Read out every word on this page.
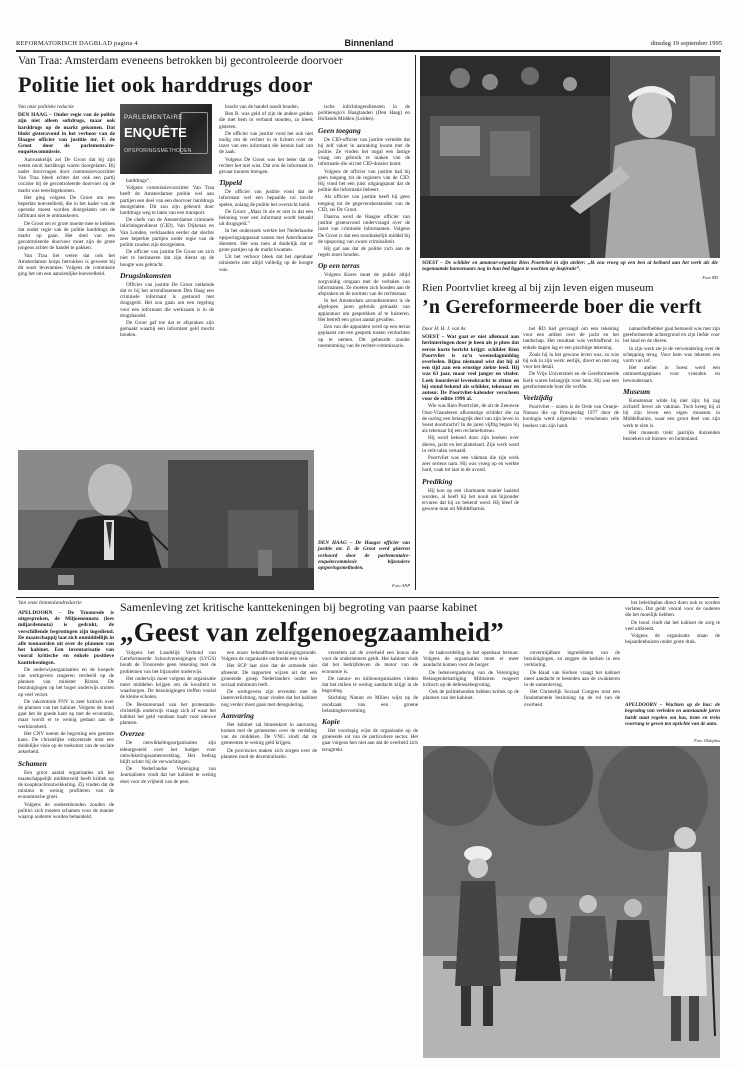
REFORMATORISCH DAGBLAD pagina 4	Binnenland	dinsdag 19 september 1995
Van Traa: Amsterdam eveneens betrokken bij gecontroleerde doorvoer
Politie liet ook harddrugs door

Van onze politieke redactie

DEN HAAG – Onder regie van de politie zijn niet alleen softdrugs, maar ook harddrugs op de markt gekomen. Dat blokt gisteravond in het verhoor van de Haagse officier van justitie mr. F. de Groot door de parlementaire-enquêtecommissie.

Aanvankelijk zei De Groot dat bij zijn weten nooit harddrugs waren doorgelaten. Bij nader doorvragen door commissievoorzitter Van Traa bleek echter dat ook een partij cocaïne bij de gecontroleerde doorvoer op de markt was terechtgekomen.

Het ging volgens De Groot om een beperkte hoeveelheid, die in het kader van de operatie moest worden doorgelaten om de infiltrant niet te ontmaskeren.

De Groot zei er grote moeite mee te hebben dat onder regie van de politie harddrugs de markt op gaan. Het doel van een gecontroleerde doorvoer moet zijn de grote jongens achter de handel te pakken.

Van Traa liet weten dat ook het Amsterdamse korps betrokken is geweest bij dit soort leveranties. Volgens de commissie ging het om een aanzienlijke hoeveelheid.

PARLEMENTAIRE
ENQUÊTE
OPSPORINGSMETHODEN

harddrugs”.

Volgens commissievoorzitter Van Traa heeft de Amsterdamse politie wel aan partijen een deel van een doorvoer harddrugs doorgelaten. Dit zou zijn gebeurd door harddrugs weg te laten van een transport.

De chefs van de Amsterdamse criminele inlichtingendienst (CID), Van Dijkman en Van Londen, verklaarden eerder dat slechts zeer beperkte partijen onder regie van de politie zouden zijn doorgelaten.

De officier van justitie De Groot zei zich niet te herinneren dat zijn dienst op de hoogte was gebracht.

Drugsinkomsten

Officier van justitie De Groot ontkende dat er bij het arrondissement Den Haag een criminele informant is gestuurd met drugsgeld. Het zou gaan om een regeling voor een informant die werkzaam is in de drugshandel.

De Groot gaf toe dat er afspraken zijn gemaakt waarbij een informant geld mocht houden.

bracht van de handel noodt houden.

Ben R. was geld of zijn de andere gelden die met hem in verband stonden, zo bleek gisteren.

De officier van justitie vond het ook niet nodig om de rechter in te lichten over de inzet van een informant die kennis had van de zaak.

Volgens De Groot was het beter dat de rechter het niet wist. Dat zou de informant in gevaar kunnen brengen.

Tippeld

De officier van justitie vond dat de informant wel een bepaalde rol mocht spelen, zolang de politie het overzicht hield.

De Groot: „Maar ik zie er niet in dat een beloning voor een informant wordt betaald uit drugsgeld.”

In het onderzoek werkte het Nederlandse opsporingsapparaat samen met Amerikaanse diensten. Het was toen al duidelijk dat er grote partijen op de markt kwamen.

Uit het verhoor bleek dat het openbaar ministerie niet altijd volledig op de hoogte was.

ische inlichtingendiensten in de politieregio's Haaglanden (Den Haag) en Hollands Midden (Leiden).

Geen toegang

De CID-officier van justitie vertelde dat hij zelf vaker in aanraking kwam met de politie. Ze vinden het nogal een lastige vraag om gebruik te maken van de informatie die uit het CID-dossier komt.

Volgens de officier van justitie had hij geen toegang tot de registers van de CID. Hij vond het een juist uitgangspunt dat de politie die informatie beheert.

Als officier van justitie heeft hij geen toegang tot de gegevensbestanden van de CID, zei De Groot.

Daarna werd de Haagse officier van justitie gisteravond ondervraagd over de inzet van criminele informanten. Volgens De Groot is dat een noodzakelijk middel bij de opsporing van zware criminaliteit.

Hij gaf aan dat de politie zich aan de regels moet houden.

Op een terras

Volgens Koers moet de politie altijd zorgvuldig omgaan met de verhalen van informanten. Ze moeten zich houden aan de afspraken en de normen van de rechtsstaat.

In het Amsterdam arrondissement is de afgelopen jaren gebruik gemaakt van apparatuur om gesprekken af te luisteren. Het betreft een groot aantal gevallen.

Een van die apparaten werd op een terras geplaatst om een gesprek tussen verdachten op te nemen. Dit gebeurde zonder toestemming van de rechter-commissaris.

DEN HAAG – De Haagse officier van justitie mr. F. de Groot werd gisteren verhoord door de parlementaire-enquêtecommissie bijzondere opsporingsmethoden.
Foto ANP
SOEST – De schilder en amateur-organist Rien Poortvliet in zijn atelier: „Ik zou vroeg op een ben al keihard aan het werk als die zogenaamde kunstenaars nog in hun bed liggen te wachten op inspiratie”.
Foto RD
Rien Poortvliet kreeg al bij zijn leven eigen museum
’n Gereformeerde boer die verft

Door H. H. J. van As

SOEST – Wat gaat er niet allemaal aan herinneringen door je heen als je plots dat eerste korte bericht krijgt: schilder Rien Poortvliet is zo’n woensdagmiddag overleden. Bijna niemand wist dat hij al een tijd aan een ernstige ziekte leed. Hij was 63 jaar, maar veel jonger en vitaler. Leek bourdevol levenskracht te zitten en hij stond bekend als schilder, tekenaar en auteur. De Poortvliet-kalender verscheen voor de editie 1996 al.

Wie was Rien Poortvliet, de uit de Zeeuwse Oost-Vlaanderen afkomstige schilder die na de oorlog een belangrijk deel van zijn leven in Soest doorbracht? In de jaren vijftig begon hij als tekenaar bij een reclamebureau.

Hij werd bekend door zijn boeken over dieren, jacht en het platteland. Zijn werk werd in vele talen vertaald.

Poortvliet was een vakman die zijn werk zeer serieus nam. Hij was vroeg op en werkte hard, vaak tot laat in de avond.

Prediking

Hij kon op een charmante manier laaiend worden, al heeft hij het nooit als bijzonder ervaren dat hij zo bekend werd. Hij bleef de gewone man uit Middelharnis.

het RD had gevraagd om een tekening voor een artikel over de jacht en het landschap. Het resultaat was verbluffend: in enkele dagen lag er een prachtige tekening.

Zoals hij in het gewone leven was, zo was hij ook in zijn werk: eerlijk, direct en met oog voor het detail.

De Vrije Universiteit en de Gereformeerde Kerk waren belangrijk voor hem. Hij was een gereformeerde boer die verfde.

Veelzijdig

Poortvliet – zoiets is de Orde van Oranje-Nassau die op Prinsjesdag 1977 door de koningin werd uitgereikt – verschenen vele boeken van zijn hand.

natuurliefhebber gaat bemoeid was met zijn gereformeerde achtergrond en zijn liefde voor het land en de dieren.

In zijn werk zie je de verwondering over de schepping terug. Voor hem was tekenen een vorm van lof.

Het atelier in Soest werd een ontmoetingsplaats voor vrienden en bewonderaars.

Museum

Kunstenaar wilde hij niet zijn; hij zag zichzelf liever als vakman. Toch kreeg hij al bij zijn leven een eigen museum in Middelharnis, waar een groot deel van zijn werk te zien is.

Het museum trekt jaarlijks duizenden bezoekers uit binnen- en buitenland.

Van onze binnenlandredactie	Samenleving zet kritische kanttekeningen bij begroting van paarse kabinet
„Geest van zelfgenoegzaamheid”

APELDOORN – De Troonrede is uitgesproken, de Miljoenennota (lees miljardennota) is gedrukt, de verschillende begrotingen zijn ingediend. De maatschappij laat zich onmiddellijk in alle toonaarden uit over de plannen van het kabinet. Een inventarisatie van vooral kritische en enkele positieve kanttekeningen.

De onderwijsorganisaties en de koepels van werkgevers reageren verdeeld op de plannen van minister Ritzen. De bezuinigingen op het hoger onderwijs stuiten op veel verzet.

De vakcentrale FNV is zeer kritisch over de plannen van het kabinet. Volgens de bond gaat het de goede kant op met de economie, maar wordt er te weinig gedaan aan de werkloosheid.

Het CNV noemt de begroting een gemiste kans. De christelijke vakcentrale mist een duidelijke visie op de toekomst van de sociale zekerheid.

Schamen

Een groot aantal organisaties uit het maatschappelijk middenveld heeft kritiek op de koopkrachtontwikkeling. Zij vinden dat de minima te weinig profiteren van de economische groei.

Volgens de ouderenbonden zouden de politici zich moeten schamen voor de manier waarop ouderen worden behandeld.

Volgens het Landelijk Verbond van Gereformeerde Schoolverenigingen (LVGS) houdt de Troonrede geen rekening met de problemen van het bijzonder onderwijs.

Het onderwijs moet volgens de organisatie meer middelen krijgen om de kwaliteit te waarborgen. De bezuinigingen treffen vooral de kleine scholen.

De Besturenraad van het protestants-christelijk onderwijs vraagt zich af waar het kabinet het geld vandaan haalt voor nieuwe plannen.

Overzee

De ontwikkelingsorganisaties zijn teleurgesteld over het budget voor ontwikkelingssamenwerking. Het bedrag blijft achter bij de verwachtingen.

De Nederlandse Vereniging van Journalisten vindt dat het kabinet te weinig doet voor de vrijheid van de pers.

een onzer beheaftbare bezuinigingsronde. Volgens de organisatie ontbreekt een visie.

Het SCP laat zien dat de armoede niet afneemt. De rapporten wijzen uit dat een groeiende groep Nederlanders onder het sociaal minimum leeft.

De werkgevers zijn tevreden met de lastenverlichting, maar vinden dat het kabinet nog verder moet gaan met deregulering.

Aanvaring

Het kabinet zal binnenkort in aanvaring komen met de gemeenten over de verdeling van de middelen. De VNG vindt dat de gemeenten te weinig geld krijgen.

De provincies maken zich zorgen over de plannen rond de decentralisatie.

verzetten zal de overheid een bonus die voor de ondernemers geldt. Het kabinet vindt dat het bedrijfsleven de motor van de economie is.

De natuur- en milieuorganisaties vinden dat het milieu te weinig aandacht krijgt in de begroting.

Stichting Natuur en Milieu wijst op de noodzaak van een groene belastinghervorming.

Kopie

Het voorlopig wijst de organisatie op de groeiende rol van de particuliere sector. Het gaat volgens hen niet aan dat de overheid zich terugtrekt.

de taakverdeling in het openbaar bestuur. Volgens de organisaties moet er meer aandacht komen voor de burger.

De ledenvergadering van de Vereniging Belangenbehartiging Militairen reageert kritisch op de defensiebegroting.

Ook de politiebonden hebben kritiek op de plannen van het kabinet.

onvermijdbare ingrediënten van de bezuinigingen, zo zeggen de kerken in een verklaring.

De Raad van Kerken vraagt het kabinet meer aandacht te besteden aan de zwakkeren in de samenleving.

Het Christelijk Sociaal Congres mist een fundamentele bezinning op de rol van de overheid.

het beleidsplan direct doen ook te worden verlaten. Dat geldt vooral voor de ouderen die het moeilijk hebben.

De bond vindt dat het kabinet de zorg te veel uitkleedt.

Volgens de organisatie staan de bejaardenhuizen onder grote druk.

APELDOORN – Wachten op de bus: de begroting van verleden en aanstaande jaren hardt staat regelen om bus, tram en trein voorrang te geven ten opzichte van de auto.
Foto Oldeplas
